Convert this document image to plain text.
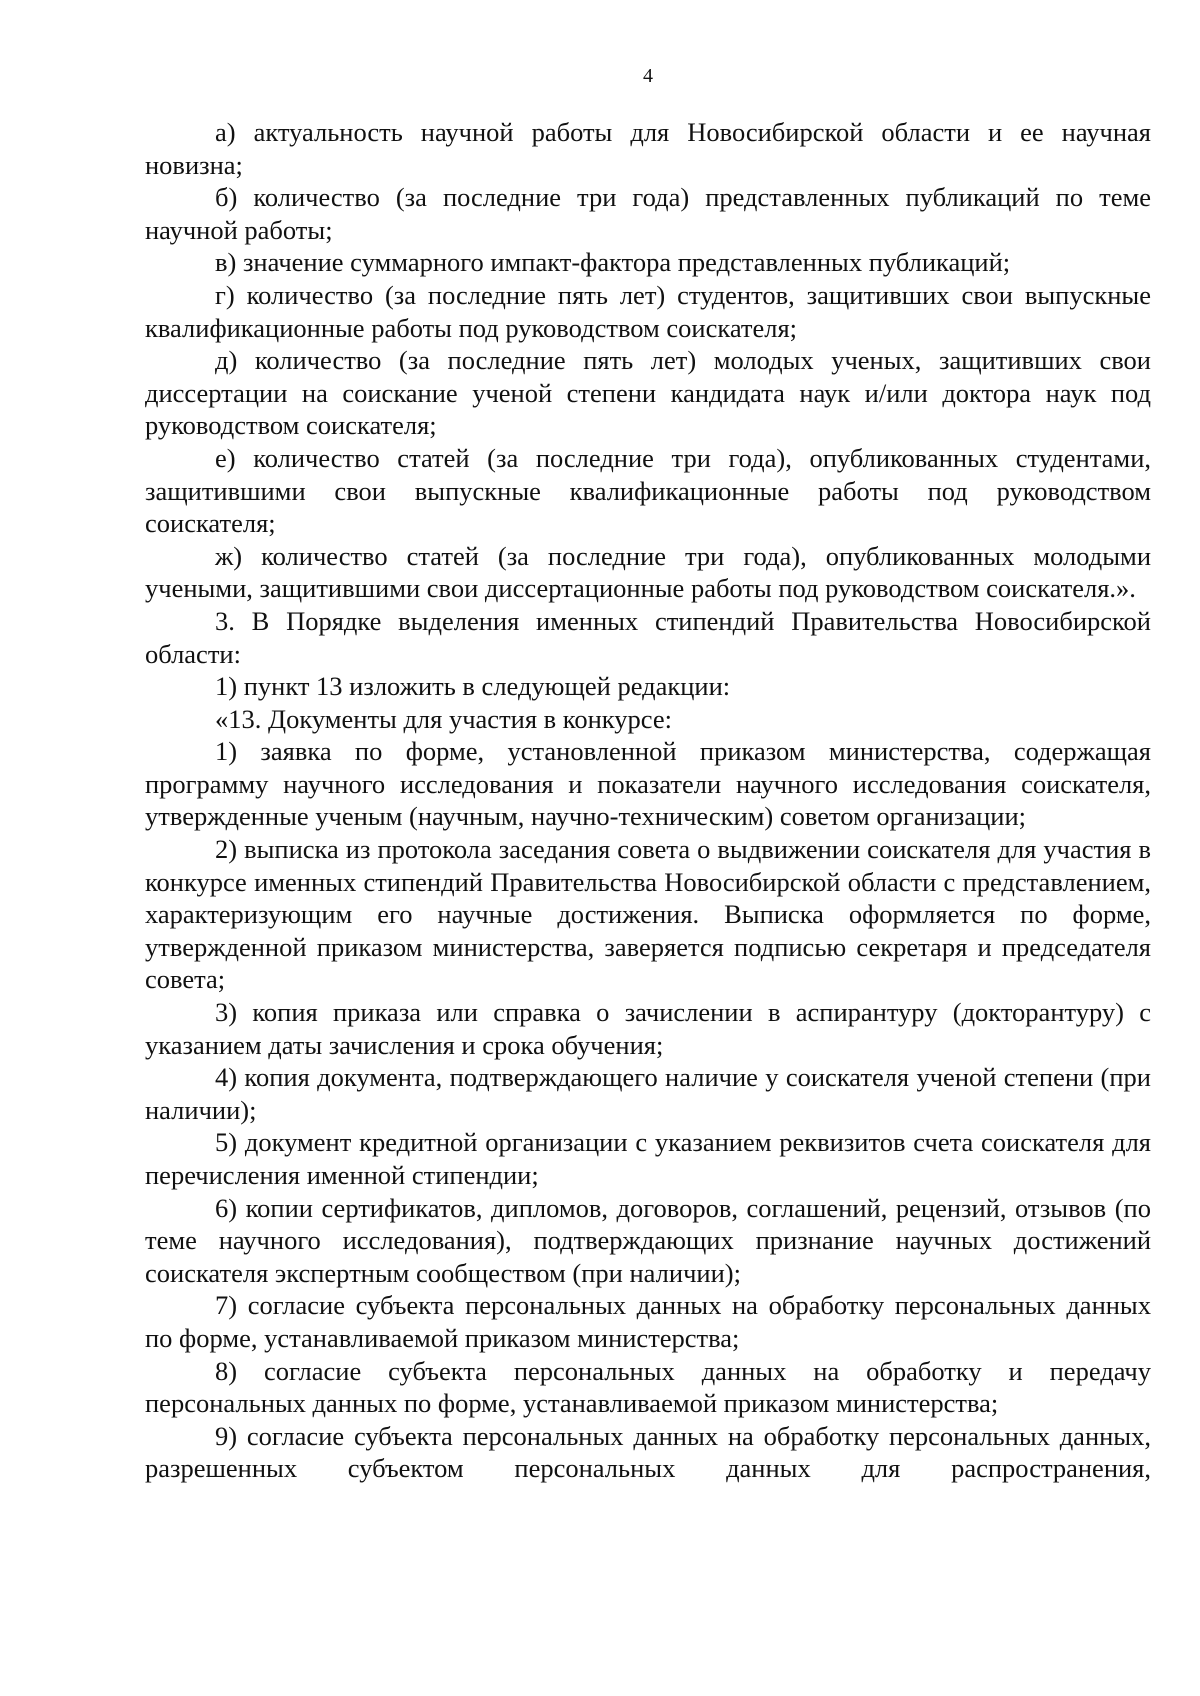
4

а) актуальность научной работы для Новосибирской области и ее научная новизна;

б) количество (за последние три года) представленных публикаций по теме научной работы;

в) значение суммарного импакт-фактора представленных публикаций;

г) количество (за последние пять лет) студентов, защитивших свои выпускные квалификационные работы под руководством соискателя;

д) количество (за последние пять лет) молодых ученых, защитивших свои диссертации на соискание ученой степени кандидата наук и/или доктора наук под руководством соискателя;

е) количество статей (за последние три года), опубликованных студентами, защитившими свои выпускные квалификационные работы под руководством соискателя;

ж) количество статей (за последние три года), опубликованных молодыми учеными, защитившими свои диссертационные работы под руководством соискателя.».

3. В Порядке выделения именных стипендий Правительства Новосибирской области:

1) пункт 13 изложить в следующей редакции:

«13. Документы для участия в конкурсе:

1) заявка по форме, установленной приказом министерства, содержащая программу научного исследования и показатели научного исследования соискателя, утвержденные ученым (научным, научно-техническим) советом организации;

2) выписка из протокола заседания совета о выдвижении соискателя для участия в конкурсе именных стипендий Правительства Новосибирской области с представлением, характеризующим его научные достижения. Выписка оформляется по форме, утвержденной приказом министерства, заверяется подписью секретаря и председателя совета;

3) копия приказа или справка о зачислении в аспирантуру (докторантуру) с указанием даты зачисления и срока обучения;

4) копия документа, подтверждающего наличие у соискателя ученой степени (при наличии);

5) документ кредитной организации с указанием реквизитов счета соискателя для перечисления именной стипендии;

6) копии сертификатов, дипломов, договоров, соглашений, рецензий, отзывов (по теме научного исследования), подтверждающих признание научных достижений соискателя экспертным сообществом (при наличии);

7) согласие субъекта персональных данных на обработку персональных данных по форме, устанавливаемой приказом министерства;

8) согласие субъекта персональных данных на обработку и передачу персональных данных по форме, устанавливаемой приказом министерства;

9) согласие субъекта персональных данных на обработку персональных данных, разрешенных субъектом персональных данных для распространения,
